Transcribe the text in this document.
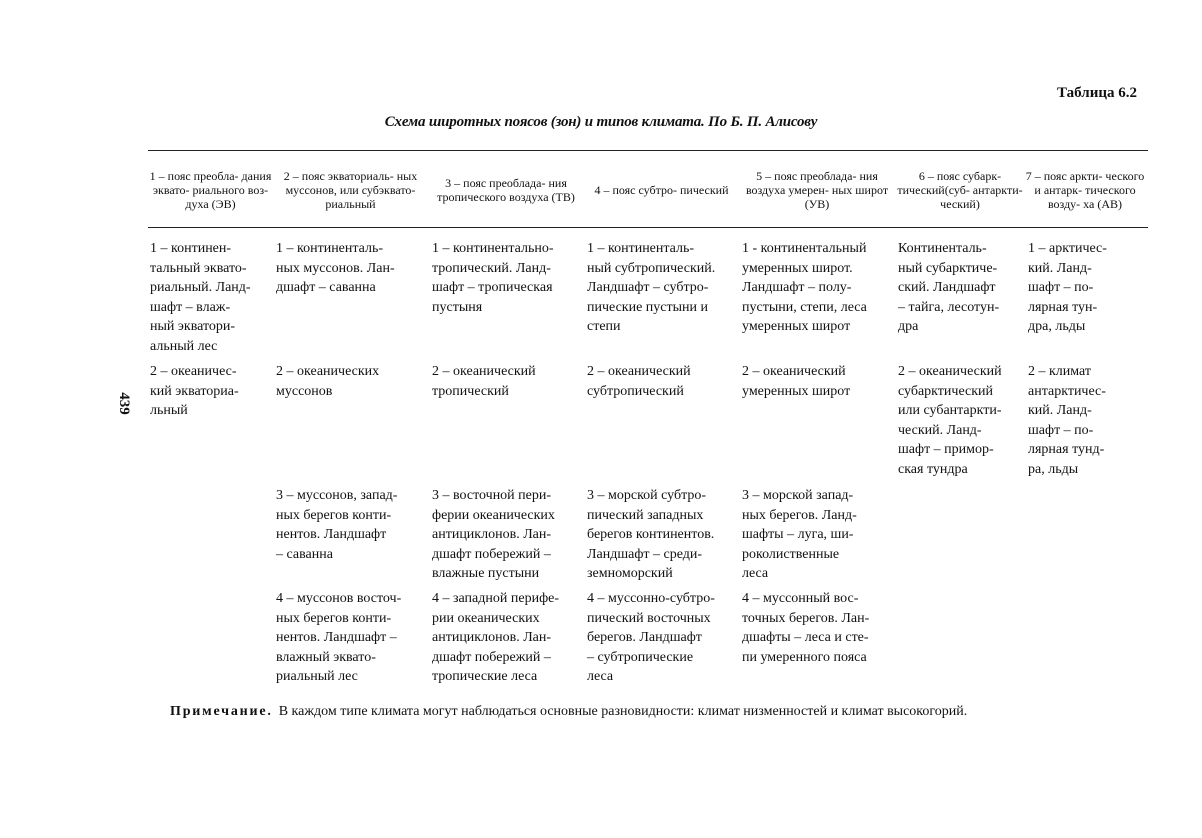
Таблица 6.2
Схема широтных поясов (зон) и типов климата. По Б. П. Алисову
439
1 – пояс преобла- дания эквато- риального воз- духа (ЭВ)
2 – пояс экваториаль- ных муссонов, или субэквато- риальный
3 – пояс преоблада- ния тропического воздуха (ТВ)	4 – пояс субтро- пический
5 – пояс преоблада- ния воздуха умерен- ных широт (УВ)
6 – пояс субарк- тический(суб- антаркти- ческий)
7 – пояс аркти- ческого и антарк- тического возду- ха (АВ)
1 – континен-
тальный эквато-
риальный. Ланд-
шафт – влаж-
ный экватори-
альный лес
1 – континенталь-
ных муссонов. Лан-
дшафт – саванна
1 – континентально-
тропический. Ланд-
шафт – тропическая
пустыня
1 – континенталь-
ный субтропический.
Ландшафт – субтро-
пические пустыни и
степи
1 - континентальный
умеренных широт.
Ландшафт – полу-
пустыни, степи, леса
умеренных широт
Континенталь-
ный субарктиче-
ский. Ландшафт
– тайга, лесотун-
дра
1 – арктичес-
кий. Ланд-
шафт – по-
лярная тун-
дра, льды
2 – океаничес-
кий экваториа-
льный
2 – океанических
муссонов
2 – океанический
тропический
2 – океанический
субтропический
2 – океанический
умеренных широт
2 – океанический
субарктический
или субантаркти-
ческий. Ланд-
шафт – примор-
ская тундра
2 – климат
антарктичес-
кий. Ланд-
шафт – по-
лярная тунд-
ра, льды
3 – муссонов, запад-
ных берегов конти-
нентов. Ландшафт
– саванна
3 – восточной пери-
ферии океанических
антициклонов. Лан-
дшафт побережий –
влажные пустыни
3 – морской субтро-
пический западных
берегов континентов.
Ландшафт – среди-
земноморский
3 – морской запад-
ных берегов. Ланд-
шафты – луга, ши-
роколиственные
леса
4 – муссонов восточ-
ных берегов конти-
нентов. Ландшафт –
влажный эквато-
риальный лес
4 – западной перифе-
рии океанических
антициклонов. Лан-
дшафт побережий –
тропические леса
4 – муссонно-субтро-
пический восточных
берегов. Ландшафт
– субтропические
леса
4 – муссонный вос-
точных берегов. Лан-
дшафты – леса и сте-
пи умеренного пояса
Примечание. В каждом типе климата могут наблюдаться основные разновидности: климат низменностей и климат высокогорий.
